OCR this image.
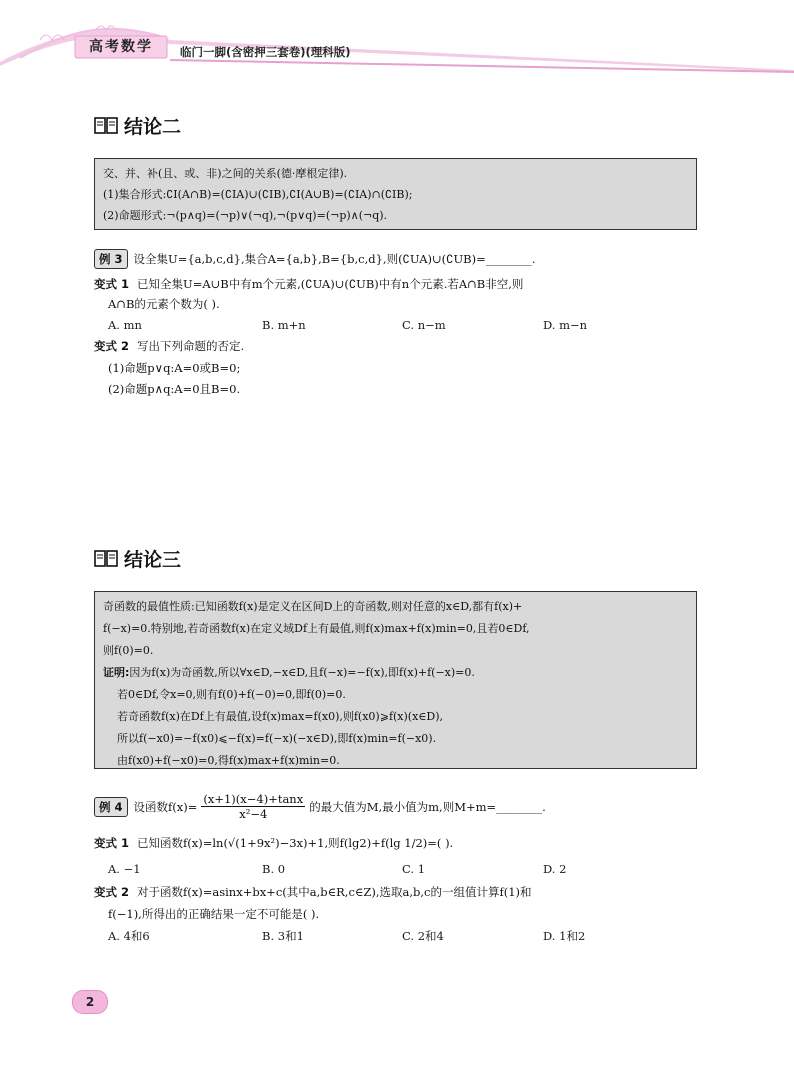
高考数学 临门一脚(含密押三套卷)(理科版)
结论二
交、并、补(且、或、非)之间的关系(德·摩根定律).
(1)集合形式:∁I(A∩B)=(∁IA)∪(∁IB),∁I(A∪B)=(∁IA)∩(∁IB);
(2)命题形式:¬(p∧q)=(¬p)∨(¬q),¬(p∨q)=(¬p)∧(¬q).
例 3 设全集U={a,b,c,d},集合A={a,b},B={b,c,d},则(∁UA)∪(∁UB)=________.
变式 1 已知全集U=A∪B中有m个元素,(∁UA)∪(∁UB)中有n个元素.若A∩B非空,则
A∩B的元素个数为( ).
A. mn	B. m+n	C. n−m	D. m−n
变式 2 写出下列命题的否定.
(1)命题p∨q:A=0或B=0;
(2)命题p∧q:A=0且B=0.
结论三
奇函数的最值性质:已知函数f(x)是定义在区间D上的奇函数,则对任意的x∈D,都有f(x)+
f(−x)=0.特别地,若奇函数f(x)在定义域Df上有最值,则f(x)max+f(x)min=0,且若0∈Df,
则f(0)=0.
证明:因为f(x)为奇函数,所以∀x∈D,−x∈D,且f(−x)=−f(x),即f(x)+f(−x)=0.
若0∈Df,令x=0,则有f(0)+f(−0)=0,即f(0)=0.
若奇函数f(x)在Df上有最值,设f(x)max=f(x0),则f(x0)⩾f(x)(x∈D),
所以f(−x0)=−f(x0)⩽−f(x)=f(−x)(−x∈D),即f(x)min=f(−x0).
由f(x0)+f(−x0)=0,得f(x)max+f(x)min=0.
例 4 设函数$f(x)= \frac{(x+1)(x-4)+\tan x}{\text{x²−4}}$ 的最大值为M,最小值为m,则M+m=________.
变式 1 已知函数f(x)=ln(√(1+9x²)−3x)+1,则f(lg2)+f(lg 1/2)=( ).
A. −1	B. 0	C. 1	D. 2
变式 2 对于函数f(x)=asinx+bx+c(其中a,b∈R,c∈Z),选取a,b,c的一组值计算f(1)和
f(−1),所得出的正确结果一定不可能是( ).
A. 4和6	B. 3和1	C. 2和4	D. 1和2
2
